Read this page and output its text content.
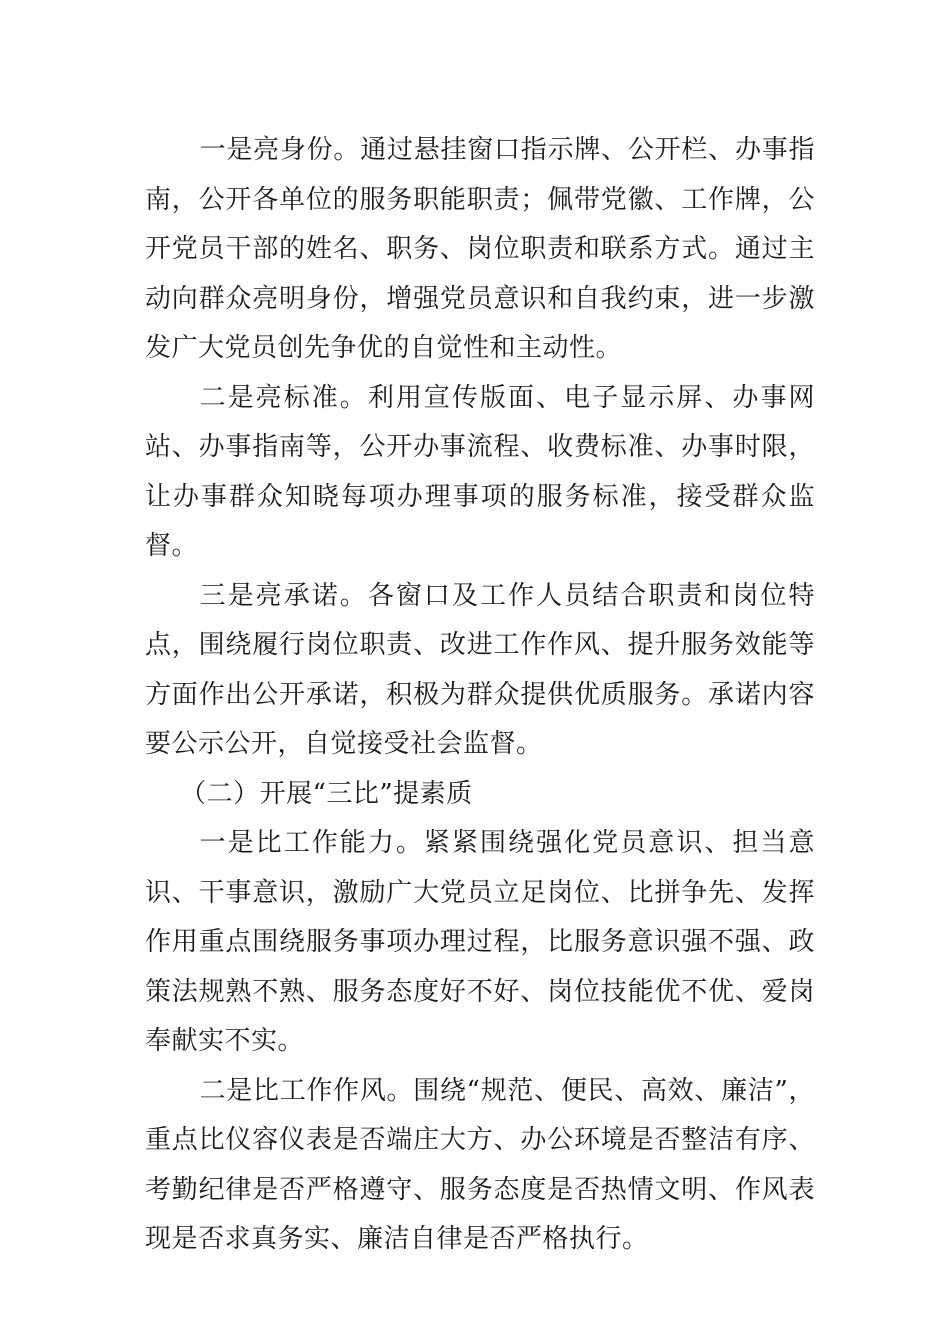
一是亮身份。通过悬挂窗口指示牌、公开栏、办事指南，公开各单位的服务职能职责；佩带党徽、工作牌，公开党员干部的姓名、职务、岗位职责和联系方式。通过主动向群众亮明身份，增强党员意识和自我约束，进一步激发广大党员创先争优的自觉性和主动性。

二是亮标准。利用宣传版面、电子显示屏、办事网站、办事指南等，公开办事流程、收费标准、办事时限，让办事群众知晓每项办理事项的服务标准，接受群众监督。

三是亮承诺。各窗口及工作人员结合职责和岗位特点，围绕履行岗位职责、改进工作作风、提升服务效能等方面作出公开承诺，积极为群众提供优质服务。承诺内容要公示公开，自觉接受社会监督。

（二）开展“三比”提素质

一是比工作能力。紧紧围绕强化党员意识、担当意识、干事意识，激励广大党员立足岗位、比拼争先、发挥作用重点围绕服务事项办理过程，比服务意识强不强、政策法规熟不熟、服务态度好不好、岗位技能优不优、爱岗奉献实不实。

二是比工作作风。围绕“规范、便民、高效、廉洁”，重点比仪容仪表是否端庄大方、办公环境是否整洁有序、考勤纪律是否严格遵守、服务态度是否热情文明、作风表现是否求真务实、廉洁自律是否严格执行。
